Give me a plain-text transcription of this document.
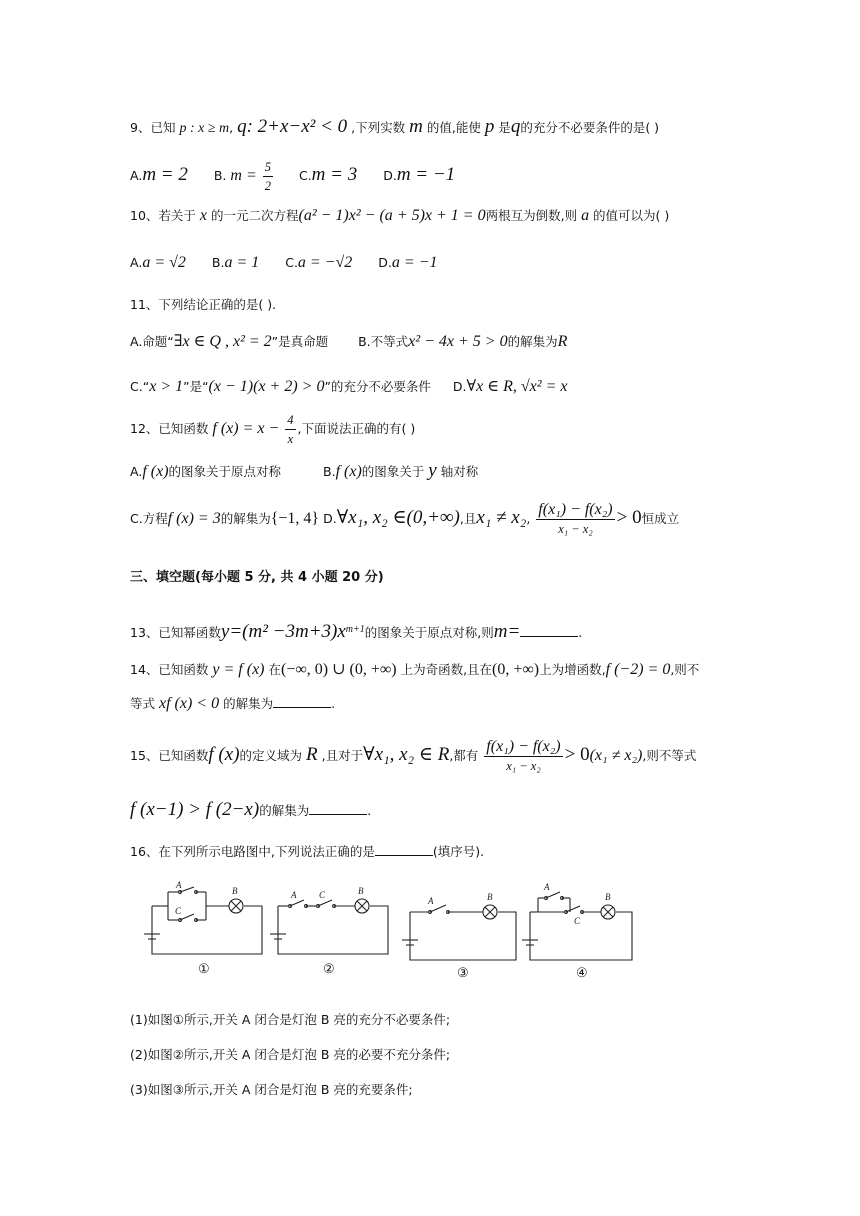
9、已知 p : x ≥ m, q: 2+x−x² < 0 ,下列实数 m 的值,能使 p 是q的充分不必要条件的是( )
A.m = 2 B. $m = \frac{5}{2} C.m = 3$ D.m = −1
10、若关于 x 的一元二次方程(a² − 1)x² − (a + 5)x + 1 = 0两根互为倒数,则 a 的值可以为( )
A.a = √2 B.a = 1 C.a = −√2 D.a = −1
11、下列结论正确的是( ).
A.命题“∃x ∈ Q , x² = 2”是真命题 B.不等式x² − 4x + 5 > 0的解集为R
C.“x > 1”是“(x − 1)(x + 2) > 0”的充分不必要条件 D.∀x ∈ R, √x² = x
12、已知函数 f $(x) = x - \frac{4}{x}$ ,下面说法正确的有( )
A.f (x)的图象关于原点对称	B.f (x)的图象关于 y 轴对称
C.方程f (x) = 3的解集为{−1, 4} D.∀x₁, x₂ ∈(0,+∞),且x₁ ≠ x₂, $\frac{\text{f(x₁) − f(x₂)}}{\text{x₁ − x₂}} > 0$恒成立
三、填空题(每小题 5 分, 共 4 小题 20 分)
13、已知幂函数$y=(m^2 -3m+3)x^{m+1}$的图象关于原点对称,则m=	.
14、已知函数 y = f (x) 在(−∞, 0) ∪ (0, +∞) 上为奇函数,且在(0, +∞)上为增函数,f (−2) = 0,则不
等式 xf (x) < 0 的解集为	.
15、已知函数f (x)的定义域为 R ,且对于∀x₁, x₂ ∈ R,都有 $\frac{\text{f(x₁) − f(x₂)}}{\text{x₁ − x₂}} > 0(x_1 \ne x_2)$,则不等式
f (x−1) > f (2−x)的解集为	.
16、在下列所示电路图中,下列说法正确的是	(填序号).
A
C
B	A	C	B
A	B
A
C
B
①	②	③	④
(1)如图①所示,开关 A 闭合是灯泡 B 亮的充分不必要条件;
(2)如图②所示,开关 A 闭合是灯泡 B 亮的必要不充分条件;
(3)如图③所示,开关 A 闭合是灯泡 B 亮的充要条件;
